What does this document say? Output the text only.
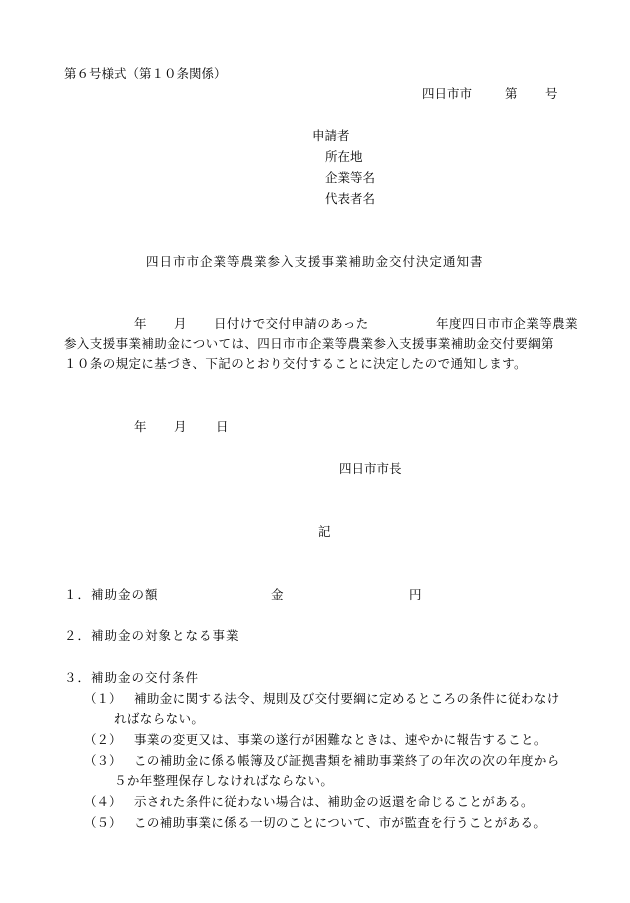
第６号様式（第１０条関係）
四日市市	第 号
申請者
所在地
企業等名
代表者名
四日市市企業等農業参入支援事業補助金交付決定通知書
年 月 日付けで交付申請のあった	年度四日市市企業等農業
参入支援事業補助金については、四日市市企業等農業参入支援事業補助金交付要綱第
１０条の規定に基づき、下記のとおり交付することに決定したので通知します。
年 月 日
四日市市長
記
１．補助金の額	金	円
２．補助金の対象となる事業
３．補助金の交付条件
（１） 補助金に関する法令、規則及び交付要綱に定めるところの条件に従わなけ
ればならない。
（２） 事業の変更又は、事業の遂行が困難なときは、速やかに報告すること。
（３） この補助金に係る帳簿及び証拠書類を補助事業終了の年次の次の年度から
５か年整理保存しなければならない。
（４） 示された条件に従わない場合は、補助金の返還を命じることがある。
（５） この補助事業に係る一切のことについて、市が監査を行うことがある。
